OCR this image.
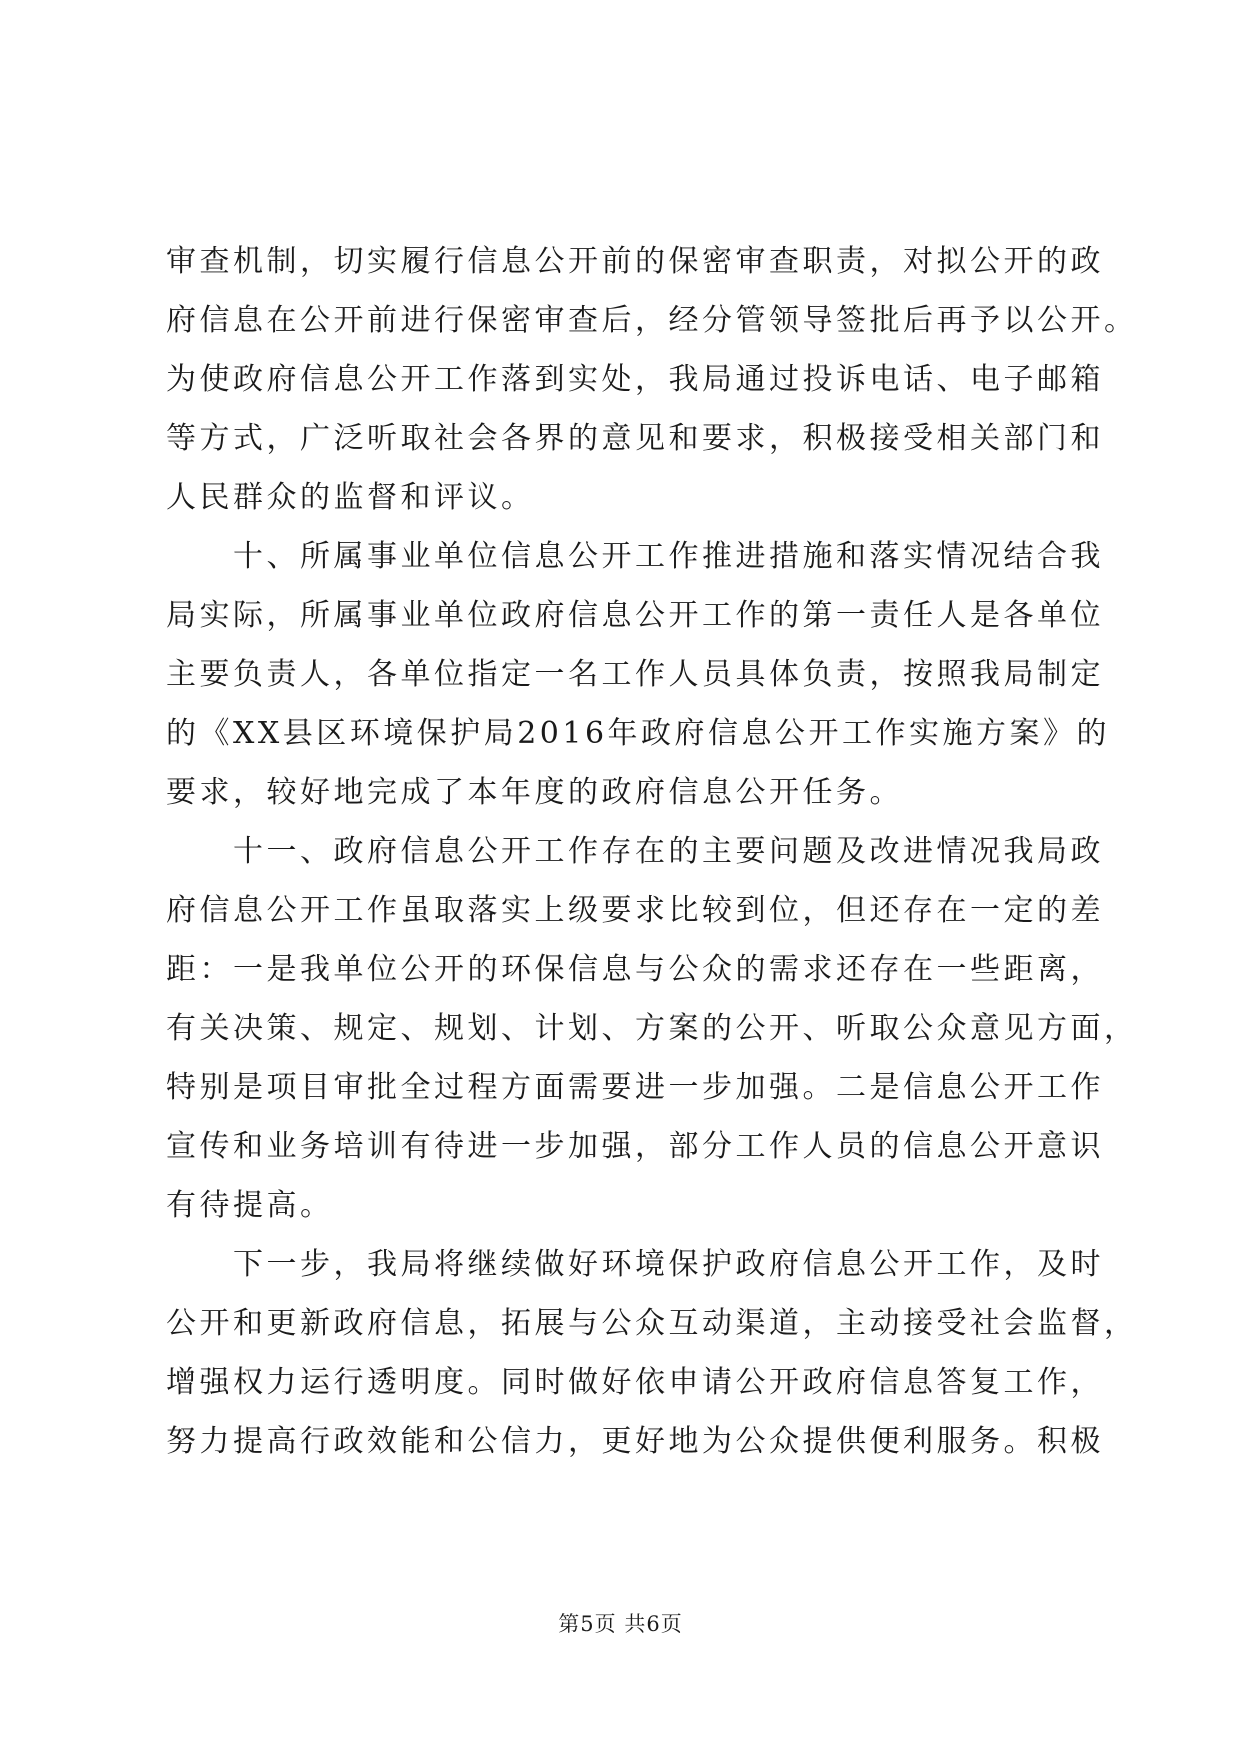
审查机制，切实履行信息公开前的保密审查职责，对拟公开的政
府信息在公开前进行保密审查后，经分管领导签批后再予以公开。
为使政府信息公开工作落到实处，我局通过投诉电话、电子邮箱
等方式，广泛听取社会各界的意见和要求，积极接受相关部门和
人民群众的监督和评议。
　　十、所属事业单位信息公开工作推进措施和落实情况结合我
局实际，所属事业单位政府信息公开工作的第一责任人是各单位
主要负责人，各单位指定一名工作人员具体负责，按照我局制定
的《XX县区环境保护局2016年政府信息公开工作实施方案》的
要求，较好地完成了本年度的政府信息公开任务。
　　十一、政府信息公开工作存在的主要问题及改进情况我局政
府信息公开工作虽取落实上级要求比较到位，但还存在一定的差
距：一是我单位公开的环保信息与公众的需求还存在一些距离，
有关决策、规定、规划、计划、方案的公开、听取公众意见方面，
特别是项目审批全过程方面需要进一步加强。二是信息公开工作
宣传和业务培训有待进一步加强，部分工作人员的信息公开意识
有待提高。
　　下一步，我局将继续做好环境保护政府信息公开工作，及时
公开和更新政府信息，拓展与公众互动渠道，主动接受社会监督，
增强权力运行透明度。同时做好依申请公开政府信息答复工作，
努力提高行政效能和公信力，更好地为公众提供便利服务。积极
第5页 共6页
